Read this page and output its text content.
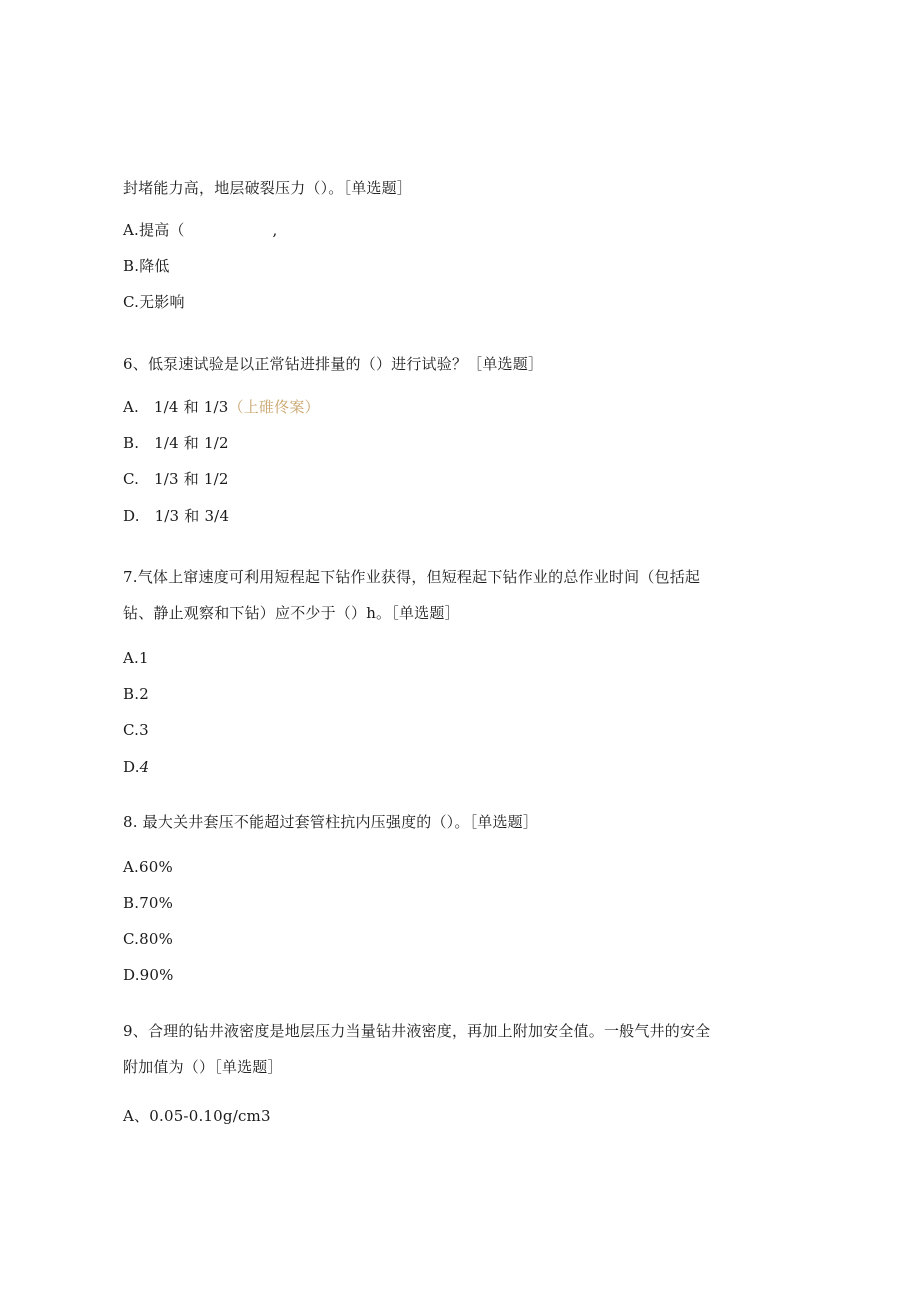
封堵能力高，地层破裂压力（）。［单选题］
A.提高（	,
B.降低
C.无影响
6、低泵速试验是以正常钻进排量的（）进行试验？［单选题］
A.   1/4 和 1/3（上碓佟案）
B.   1/4 和 1/2
C.   1/3 和 1/2
D.   1/3 和 3/4
7.气体上窜速度可利用短程起下钻作业获得，但短程起下钻作业的总作业时间（包括起
钻、静止观察和下钻）应不少于（）h。［单选题］
A.1
B.2
C.3
D.4
8. 最大关井套压不能超过套管柱抗内压强度的（）。［单选题］
A.60%
B.70%
C.80%
D.90%
9、合理的钻井液密度是地层压力当量钻井液密度，再加上附加安全值。一般气井的安全
附加值为（）［单选题］
A、0.05-0.10g/cm3
